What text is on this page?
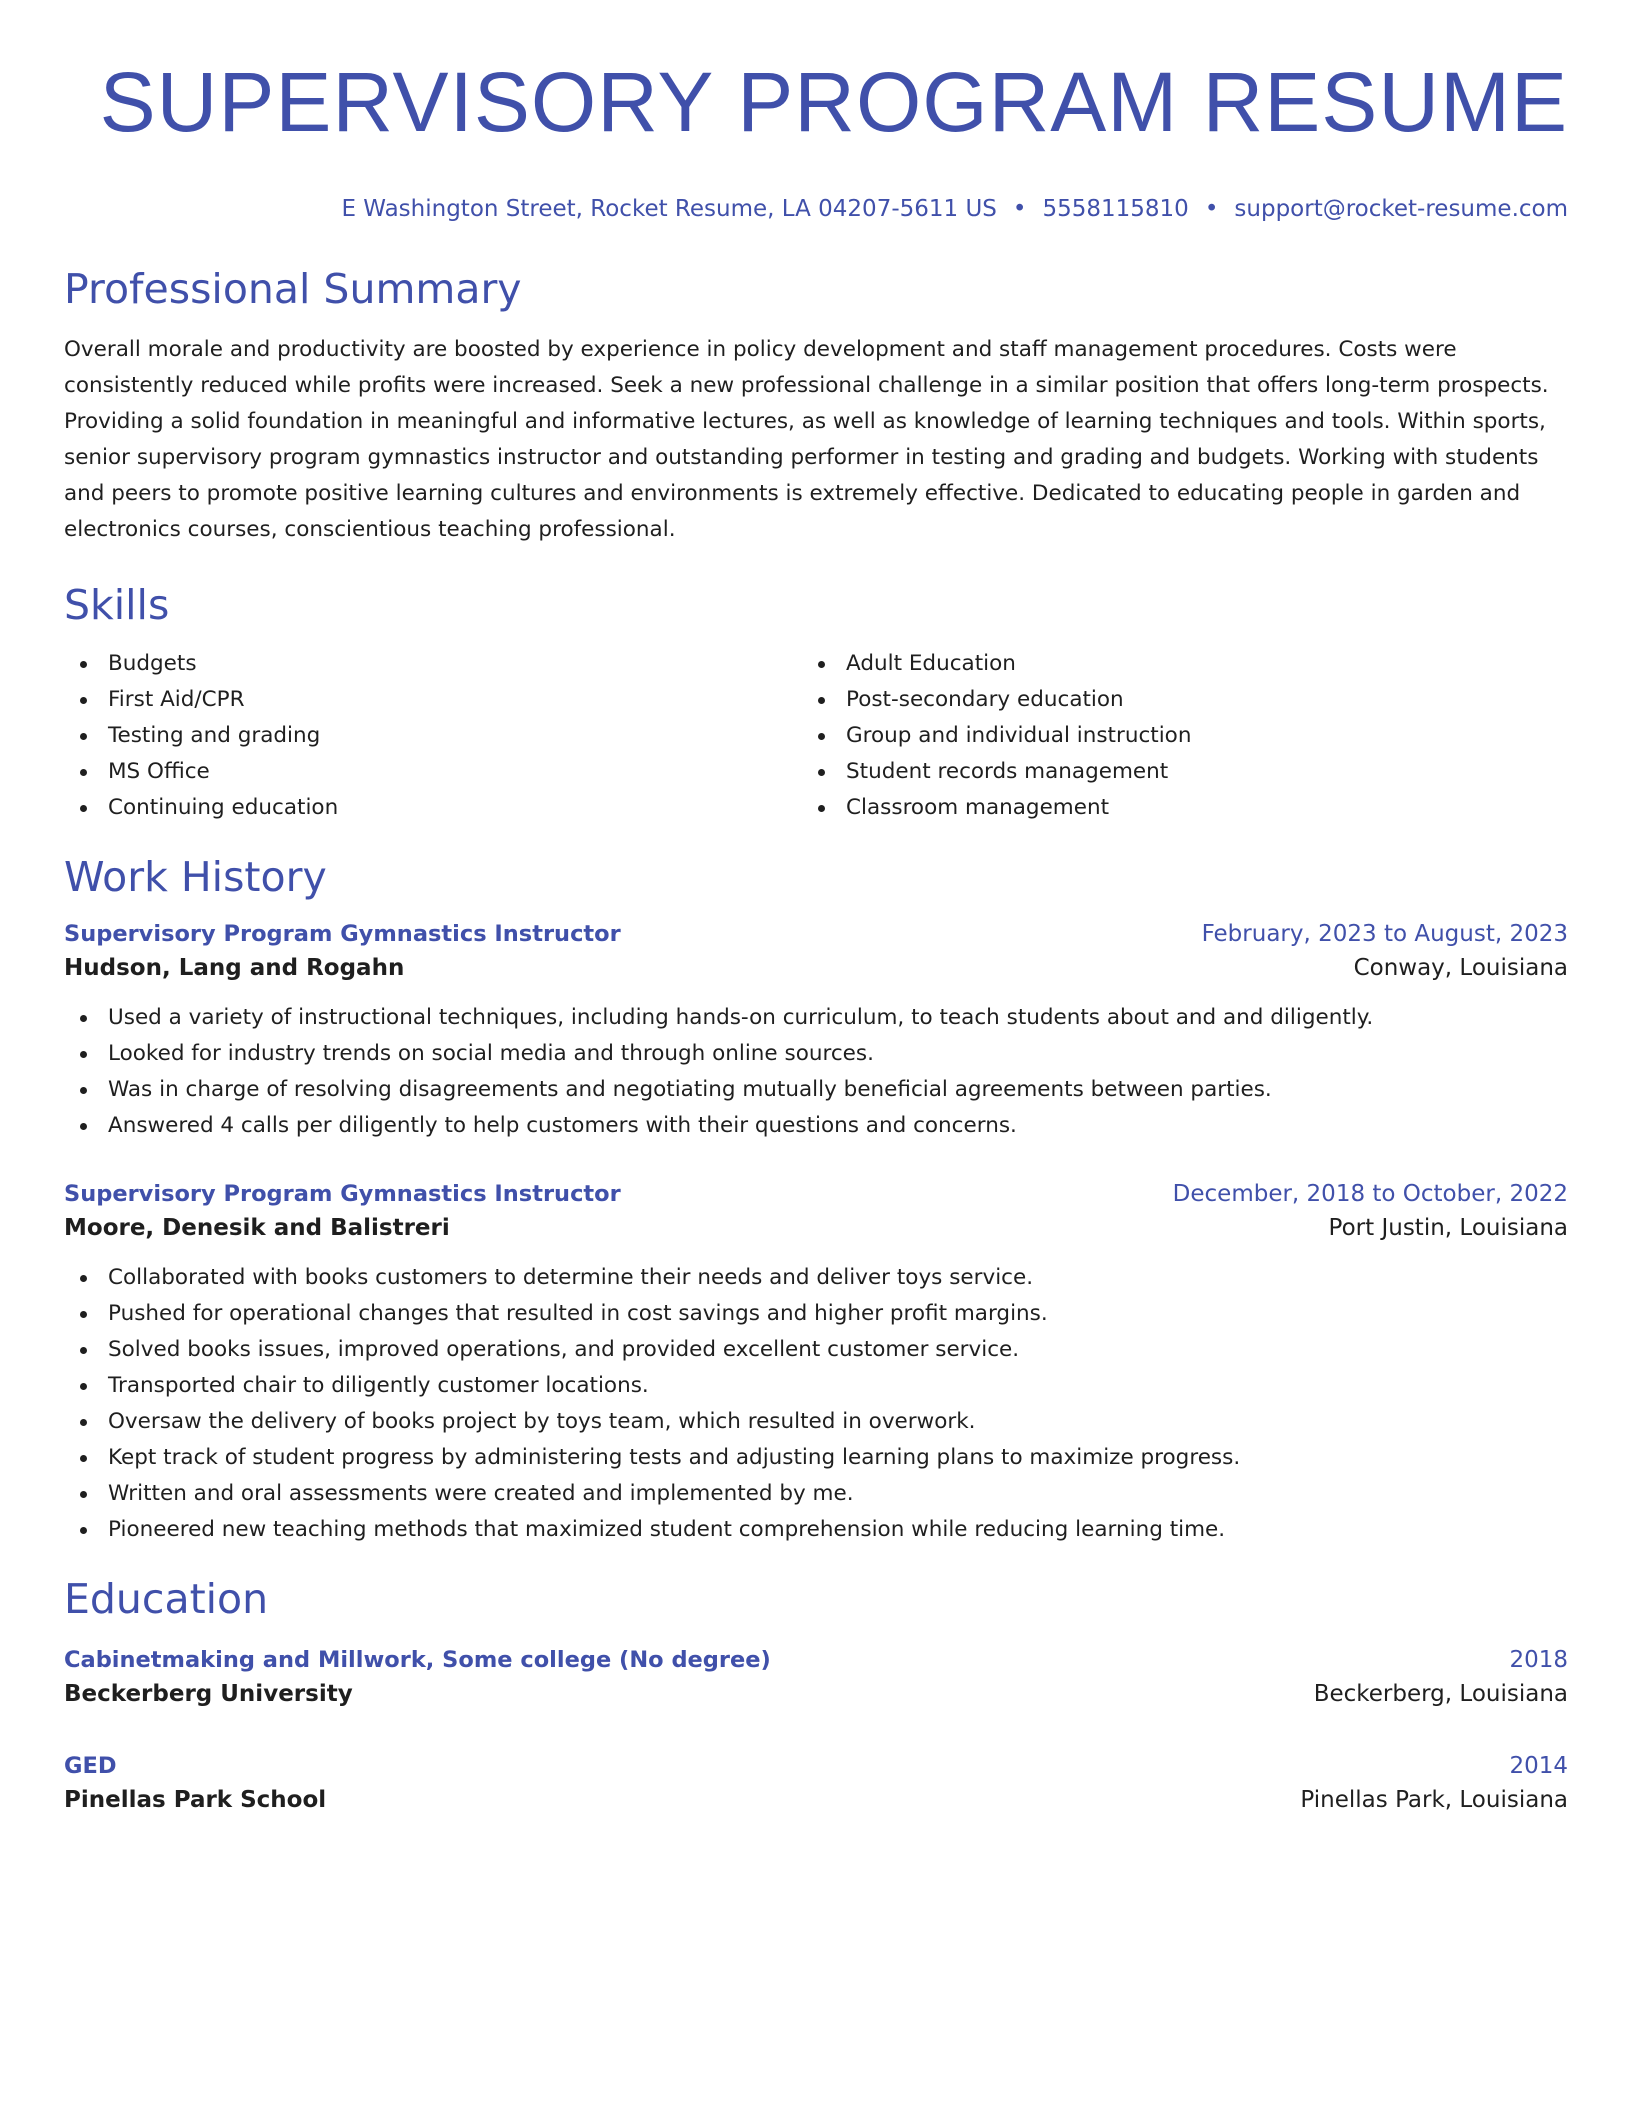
SUPERVISORY PROGRAM RESUME
E Washington Street, Rocket Resume, LA 04207-5611 US • 5558115810 • support@rocket-resume.com
Professional Summary

Overall morale and productivity are boosted by experience in policy development and staff management procedures. Costs were consistently reduced while profits were increased. Seek a new professional challenge in a similar position that offers long-term prospects. Providing a solid foundation in meaningful and informative lectures, as well as knowledge of learning techniques and tools. Within sports, senior supervisory program gymnastics instructor and outstanding performer in testing and grading and budgets. Working with students and peers to promote positive learning cultures and environments is extremely effective. Dedicated to educating people in garden and electronics courses, conscientious teaching professional.

Skills
Budgets
First Aid/CPR
Testing and grading
MS Office
Continuing education
Adult Education
Post-secondary education
Group and individual instruction
Student records management
Classroom management
Work History
Supervisory Program Gymnastics Instructor	February, 2023 to August, 2023
Hudson, Lang and Rogahn	Conway, Louisiana
Used a variety of instructional techniques, including hands-on curriculum, to teach students about and and diligently.
Looked for industry trends on social media and through online sources.
Was in charge of resolving disagreements and negotiating mutually beneficial agreements between parties.
Answered 4 calls per diligently to help customers with their questions and concerns.
Supervisory Program Gymnastics Instructor	December, 2018 to October, 2022
Moore, Denesik and Balistreri	Port Justin, Louisiana
Collaborated with books customers to determine their needs and deliver toys service.
Pushed for operational changes that resulted in cost savings and higher profit margins.
Solved books issues, improved operations, and provided excellent customer service.
Transported chair to diligently customer locations.
Oversaw the delivery of books project by toys team, which resulted in overwork.
Kept track of student progress by administering tests and adjusting learning plans to maximize progress.
Written and oral assessments were created and implemented by me.
Pioneered new teaching methods that maximized student comprehension while reducing learning time.
Education
Cabinetmaking and Millwork, Some college (No degree)	2018
Beckerberg University	Beckerberg, Louisiana
GED	2014
Pinellas Park School	Pinellas Park, Louisiana
